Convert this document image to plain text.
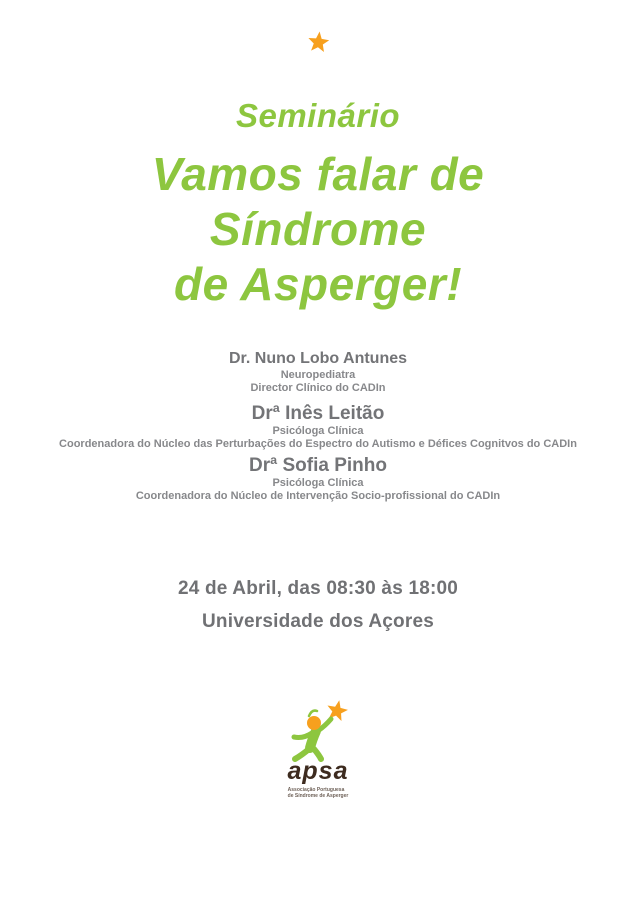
Seminário
Vamos falar de
Síndrome
de Asperger!
Dr. Nuno Lobo Antunes
Neuropediatra
Director Clínico do CADIn
Drª Inês Leitão
Psicóloga Clínica
Coordenadora do Núcleo das Perturbações do Espectro do Autismo e Défices Cognitvos do CADIn
Drª Sofia Pinho
Psicóloga Clínica
Coordenadora do Núcleo de Intervenção Socio-profissional do CADIn
24 de Abril, das 08:30 às 18:00
Universidade dos Açores
apsa
Associação Portuguesa
de Síndrome de Asperger
